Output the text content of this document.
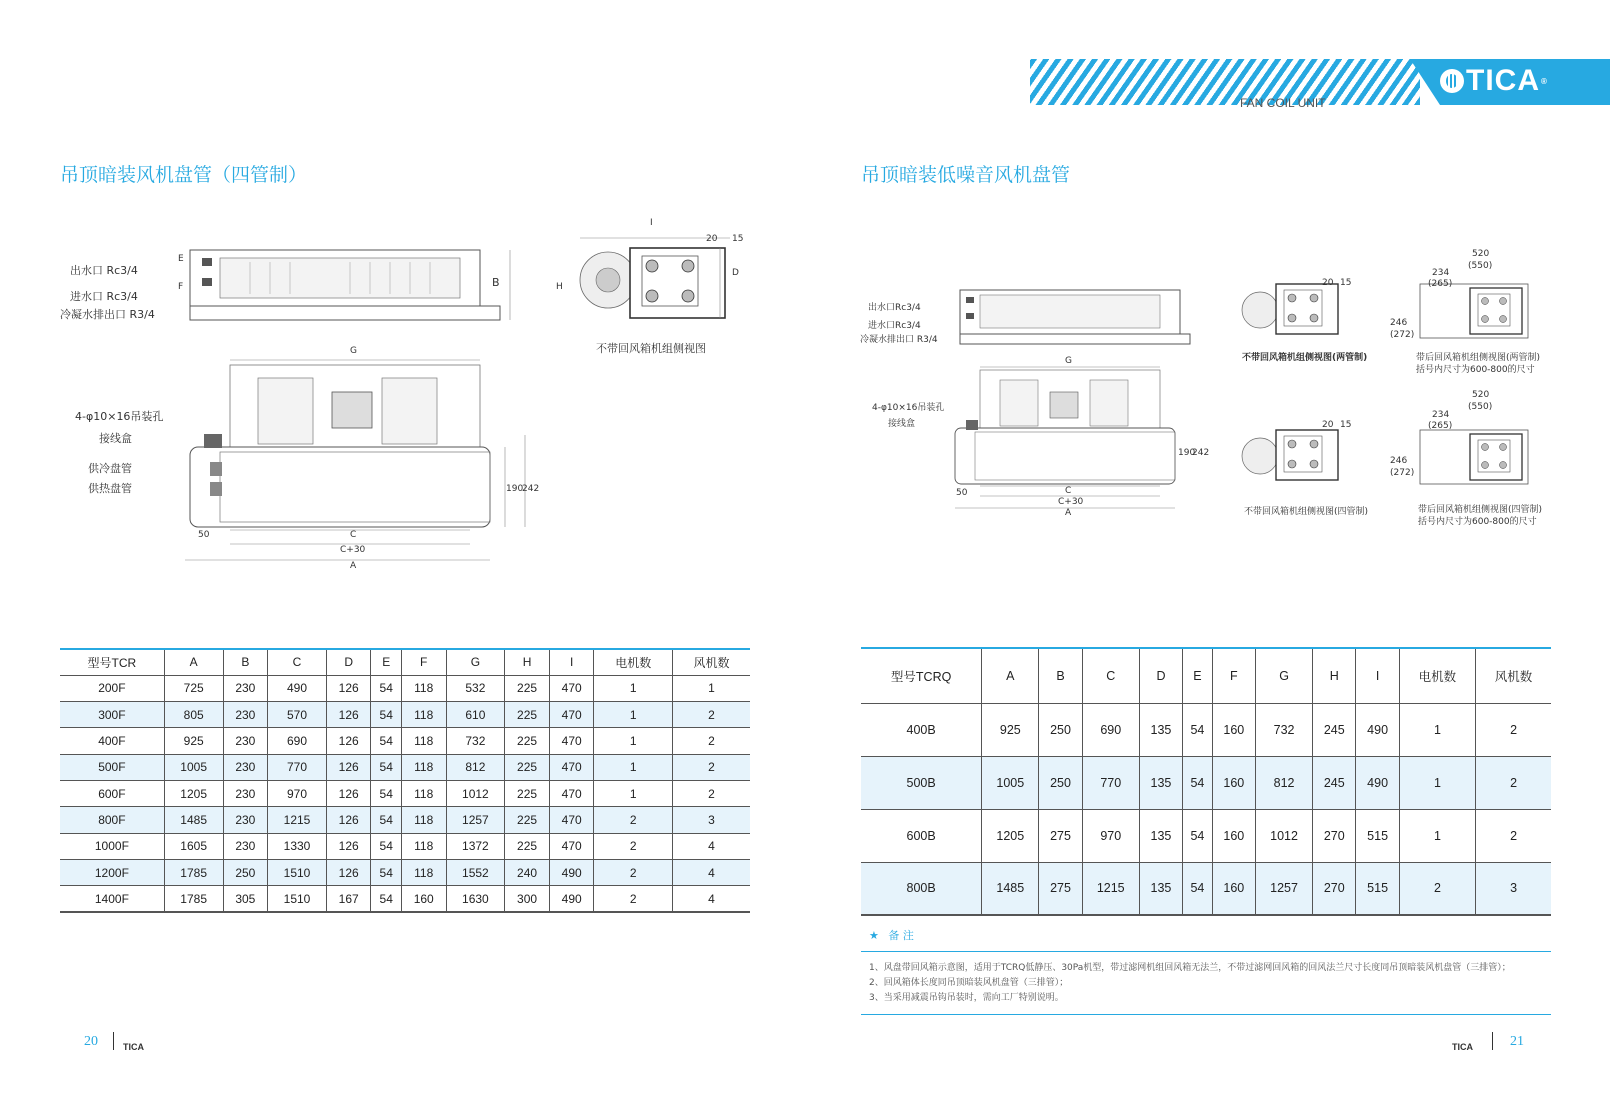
TICA ®
FAN COIL UNIT
吊顶暗装风机盘管（四管制）	吊顶暗装低噪音风机盘管
B
出水口 Rc3/4
进水口 Rc3/4
冷凝水排出口 R3/4
E
F
I
20 15
D
H
不带回风箱机组侧视图
G
4-φ10×16吊装孔
接线盒
供冷盘管
供热盘管
50	C
C+30
A
190
242
出水口Rc3/4
进水口Rc3/4
冷凝水排出口 R3/4
G
4-φ10×16吊装孔
接线盒
50	C
C+30
A
190
242
20 15
不带回风箱机组侧视图(两管制)
520
(550)
234
(265)
246
(272)
带后回风箱机组侧视图(两管制)
括号内尺寸为600-800的尺寸
20 15
不带回风箱机组侧视图(四管制)
520
(550)
234
(265)
246
(272)
带后回风箱机组侧视图(四管制)
括号内尺寸为600-800的尺寸
型号TCR	A	B	C	D	E	F	G	H	I	电机数	风机数
200F	725	230	490	126	54	118	532	225	470	1	1
300F	805	230	570	126	54	118	610	225	470	1	2
400F	925	230	690	126	54	118	732	225	470	1	2
500F	1005	230	770	126	54	118	812	225	470	1	2
600F	1205	230	970	126	54	118	1012	225	470	1	2
800F	1485	230	1215	126	54	118	1257	225	470	2	3
1000F	1605	230	1330	126	54	118	1372	225	470	2	4
1200F	1785	250	1510	126	54	118	1552	240	490	2	4
1400F	1785	305	1510	167	54	160	1630	300	490	2	4
型号TCRQ	A	B	C	D	E	F	G	H	I	电机数	风机数
400B	925	250	690	135	54	160	732	245	490	1	2
500B	1005	250	770	135	54	160	812	245	490	1	2
600B	1205	275	970	135	54	160	1012	270	515	1	2
800B	1485	275	1215	135	54	160	1257	270	515	2	3
★ 备 注
1、风盘带回风箱示意图，适用于TCRQ低静压、30Pa机型，带过滤网机组回风箱无法兰，不带过滤网回风箱的回风法兰尺寸长度同吊顶暗装风机盘管（三排管）；
2、回风箱体长度同吊顶暗装风机盘管（三排管）；
3、当采用减震吊钩吊装时，需向工厂特别说明。
20	TICA	TICA	21
